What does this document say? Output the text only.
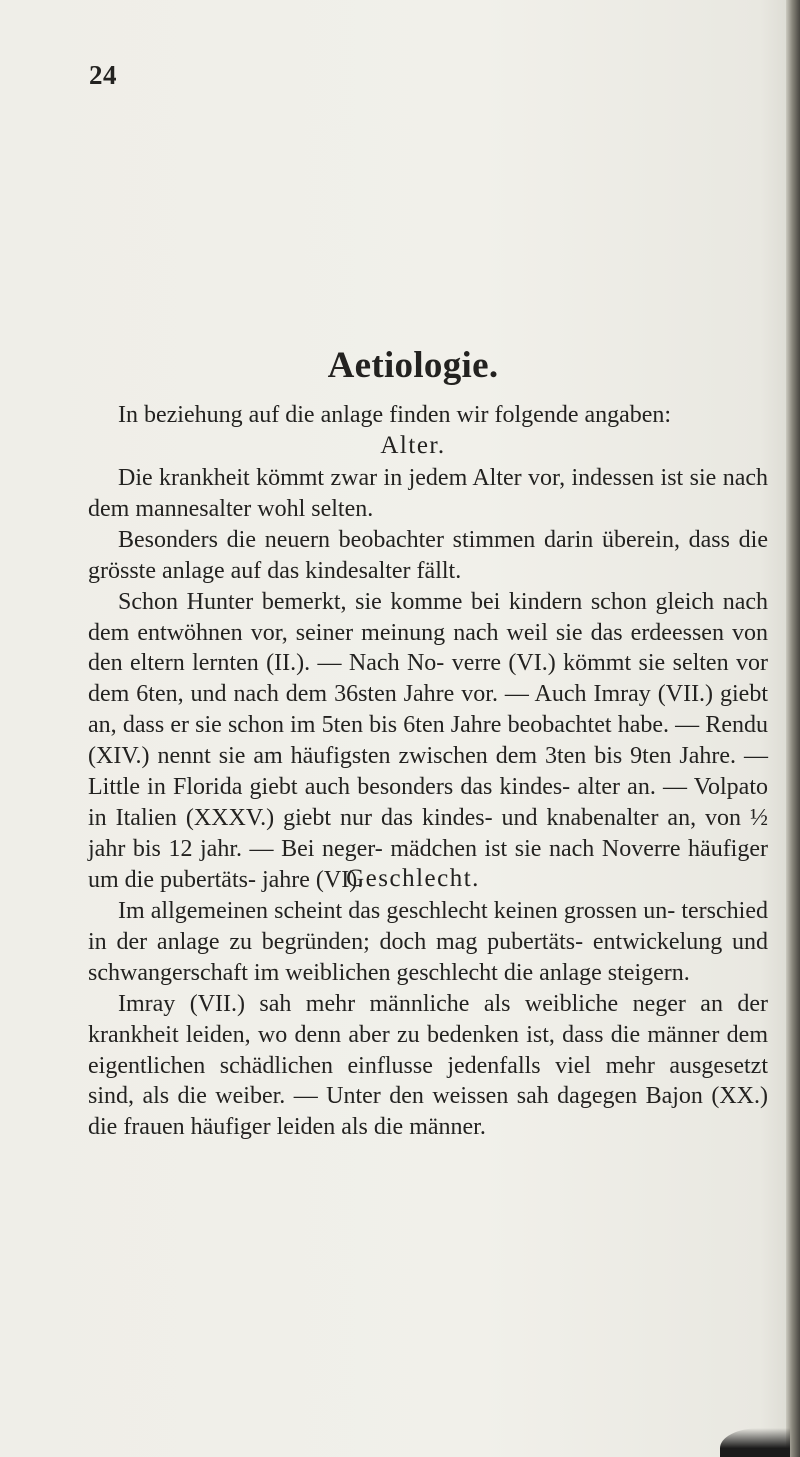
24
Aetiologie.

In beziehung auf die anlage finden wir folgende angaben:

Alter.

Die krankheit kömmt zwar in jedem Alter vor, indessen ist sie nach dem mannesalter wohl selten.

Besonders die neuern beobachter stimmen darin überein, dass die grösste anlage auf das kindesalter fällt.

Schon Hunter bemerkt, sie komme bei kindern schon gleich nach dem entwöhnen vor, seiner meinung nach weil sie das erdeessen von den eltern lernten (II.). — Nach No- verre (VI.) kömmt sie selten vor dem 6ten, und nach dem 36sten Jahre vor. — Auch Imray (VII.) giebt an, dass er sie schon im 5ten bis 6ten Jahre beobachtet habe. — Rendu (XIV.) nennt sie am häufigsten zwischen dem 3ten bis 9ten Jahre. — Little in Florida giebt auch besonders das kindes- alter an. — Volpato in Italien (XXXV.) giebt nur das kindes- und knabenalter an, von ½ jahr bis 12 jahr. — Bei neger- mädchen ist sie nach Noverre häufiger um die pubertäts- jahre (VI).

Geschlecht.

Im allgemeinen scheint das geschlecht keinen grossen un- terschied in der anlage zu begründen; doch mag pubertäts- entwickelung und schwangerschaft im weiblichen geschlecht die anlage steigern.

Imray (VII.) sah mehr männliche als weibliche neger an der krankheit leiden, wo denn aber zu bedenken ist, dass die männer dem eigentlichen schädlichen einflusse jedenfalls viel mehr ausgesetzt sind, als die weiber. — Unter den weissen sah dagegen Bajon (XX.) die frauen häufiger leiden als die männer.
